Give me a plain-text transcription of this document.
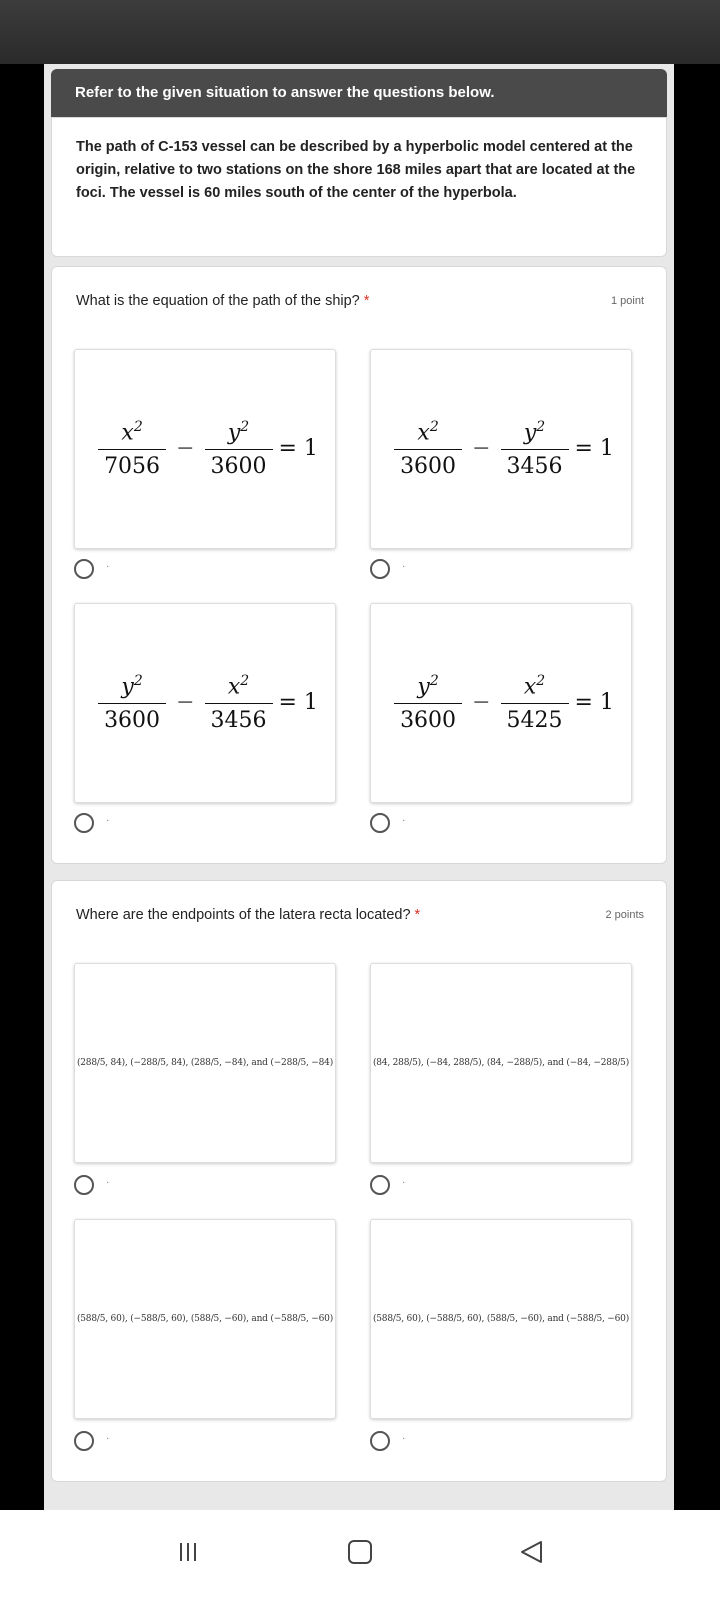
Refer to the given situation to answer the questions below.
The path of C-153 vessel can be described by a hyperbolic model centered at the origin, relative to two stations on the shore 168 miles apart that are located at the foci. The vessel is 60 miles south of the center of the hyperbola.
What is the equation of the path of the ship? *	1 point
$\frac{x^2}{7056} - \frac{y^2}{3600} = 1$
·
$\frac{x^2}{3600} - \frac{y^2}{3456} = 1$
·
$\frac{y^2}{3600} - \frac{x^2}{3456} = 1$
·
$\frac{y^2}{3600} - \frac{x^2}{5425} = 1$
·
Where are the endpoints of the latera recta located? *	2 points
(288/5, 84), (−288/5, 84), (288/5, −84), and (−288/5, −84)
·
(84, 288/5), (−84, 288/5), (84, −288/5), and (−84, −288/5)
·
(588/5, 60), (−588/5, 60), (588/5, −60), and (−588/5, −60)
·
(588/5, 60), (−588/5, 60), (588/5, −60), and (−588/5, −60)
·
